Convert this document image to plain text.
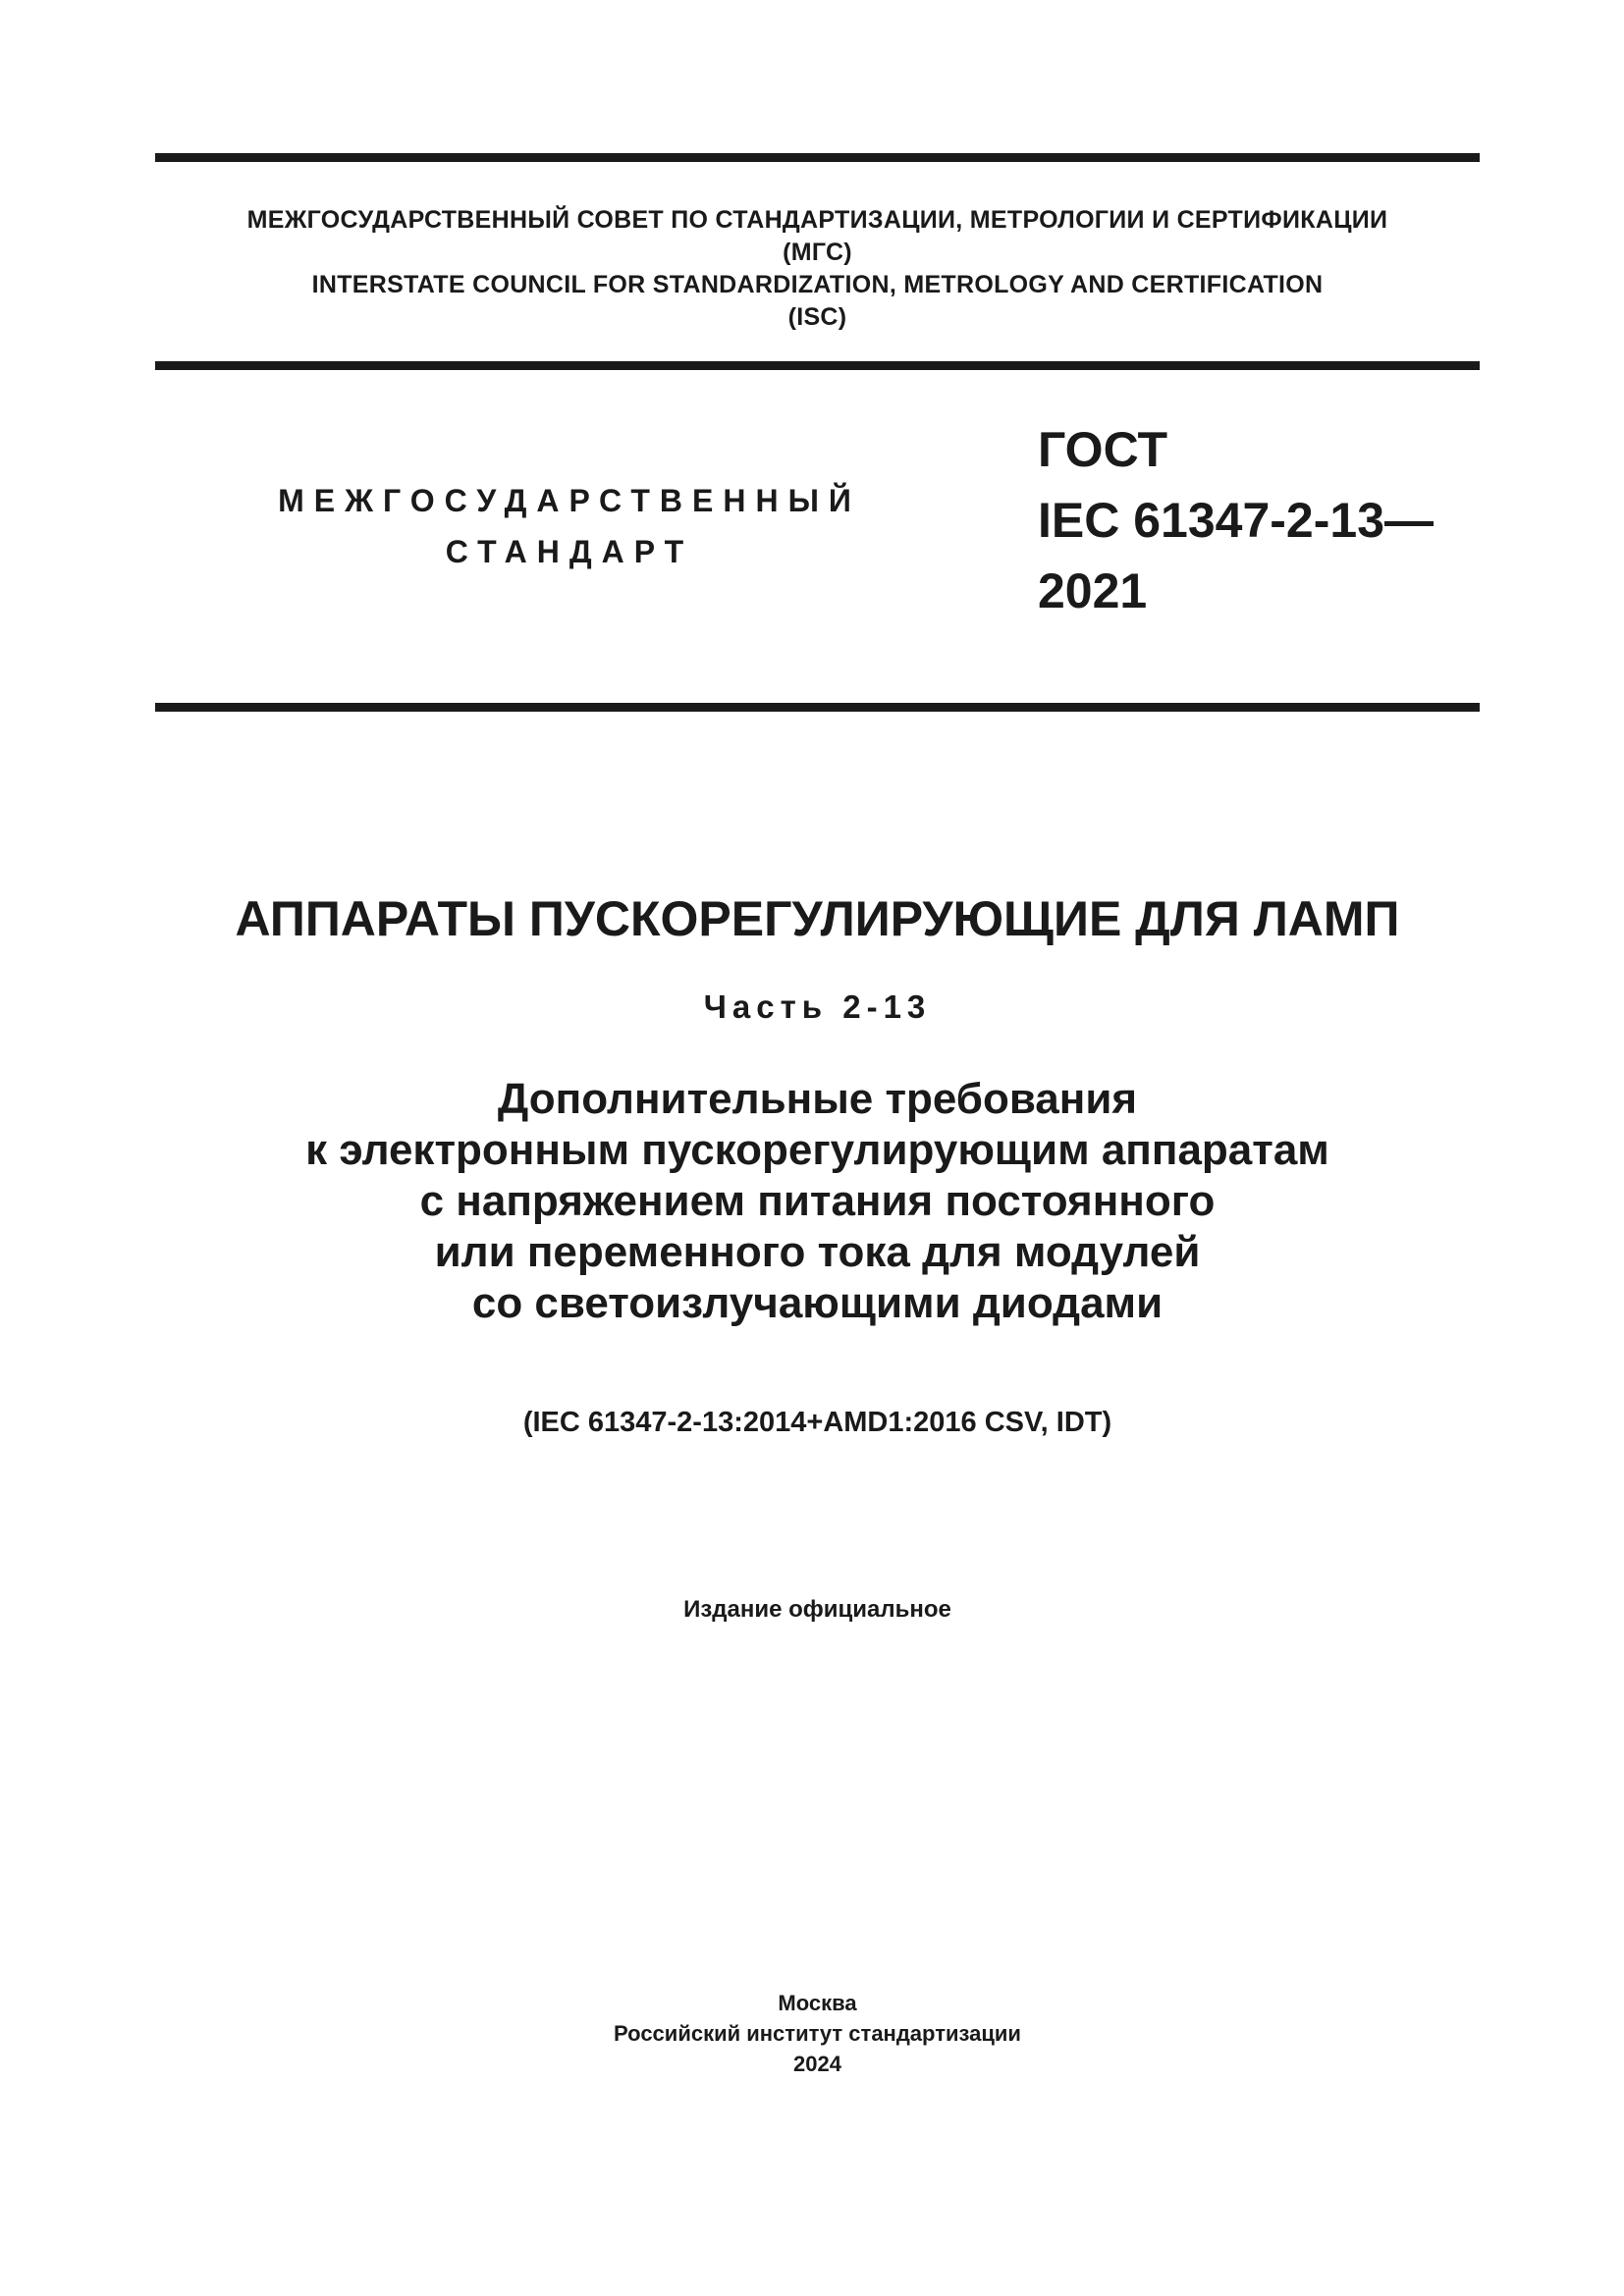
МЕЖГОСУДАРСТВЕННЫЙ СОВЕТ ПО СТАНДАРТИЗАЦИИ, МЕТРОЛОГИИ И СЕРТИФИКАЦИИ
(МГС)
INTERSTATE COUNCIL FOR STANDARDIZATION, METROLOGY AND CERTIFICATION
(ISC)
МЕЖГОСУДАРСТВЕННЫЙ
СТАНДАРТ
ГОСТ
IEC 61347-2-13—
2021
АППАРАТЫ ПУСКОРЕГУЛИРУЮЩИЕ ДЛЯ ЛАМП
Часть 2-13
Дополнительные требования
к электронным пускорегулирующим аппаратам
с напряжением питания постоянного
или переменного тока для модулей
со светоизлучающими диодами
(IEC 61347-2-13:2014+AMD1:2016 CSV, IDT)
Издание официальное
Москва
Российский институт стандартизации
2024
